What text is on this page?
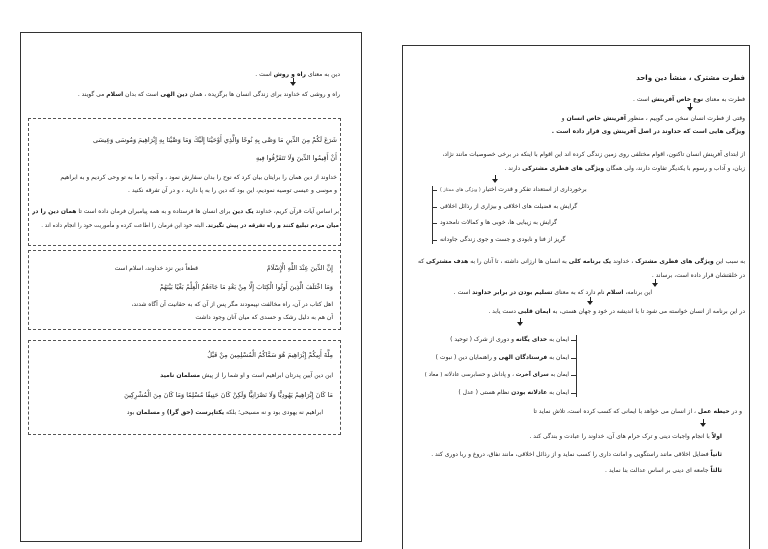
دین به معنای راه و روش است .
راه و روشی که خداوند برای زندگی انسان ها برگزیده ، همان دین الهی است که بدان اسلام می گویند .
شَرَعَ لَكُمْ مِنَ الدِّينِ مَا وَصَّى بِهِ نُوحًا وَالَّذِي أَوْحَيْنَا إِلَيْكَ وَمَا وَصَّيْنَا بِهِ إِبْرَاهِيمَ وَمُوسَى وَعِيسَى
أَنْ أَقِيمُوا الدِّينَ وَلَا تَتَفَرَّقُوا فِيهِ
خداوند از دین همان را برایتان بیان کرد که نوح را بدان سفارش نمود ، و آنچه را ما به تو وحی کردیم و به ابراهیم
و موسی و عیسی توصیه نمودیم، این بود که دین را به پا دارید ، و در آن تفرقه نکنید .
بر اساس آیات قرآن کریم، خداوند یک دین برای انسان ها فرستاده و به همه پیامبران فرمان داده است تا همان دین را در
میان مردم تبلیغ کنند و راه تفرقه در پیش نگیرند. البته خود این فرمان را اطاعت کرده و مأموریت خود را انجام داده اند .
إِنَّ الدِّينَ عِنْدَ اللَّهِ الْإِسْلَامُ
قطعاً دین نزد خداوند، اسلام است
وَمَا اخْتَلَفَ الَّذِينَ أُوتُوا الْكِتَابَ إِلَّا مِنْ بَعْدِ مَا جَاءَهُمُ الْعِلْمُ بَغْيًا بَيْنَهُمْ
اهل کتاب در آن، راه مخالفت نپیمودند مگر پس از آن که به حقانیت آن آگاه شدند،
آن هم به دلیل رشک و حسدی که میان آنان وجود داشت
مِلَّةَ أَبِيكُمْ إِبْرَاهِيمَ هُوَ سَمَّاكُمُ الْمُسْلِمِينَ مِنْ قَبْلُ
این دین آیین پدرتان ابراهیم است و او شما را از پیش مسلمان نامید
مَا كَانَ إِبْرَاهِيمُ يَهُودِيًّا وَلَا نَصْرَانِيًّا وَلَكِنْ كَانَ حَنِيفًا مُسْلِمًا وَمَا كَانَ مِنَ الْمُشْرِكِينَ
ابراهیم نه یهودی بود و نه مسیحی؛ بلکه یکتاپرست (حق گرا) و مسلمان بود
فطرت مشترک ، منشأ دین واحد
فطرت به معنای نوع خاص آفرینش است .
وقتی از فطرت انسان سخن می گوییم ، منظور آفرینش خاص انسان و
ویژگی هایی است که خداوند در اصل آفرینش وی قرار داده است .
از ابتدای آفرینش انسان تاکنون، اقوام مختلفی روی زمین زندگی کرده اند این اقوام با اینکه در برخی خصوصیات مانند نژاد،
زبان، و آداب و رسوم با یکدیگر تفاوت دارند، ولی همگان ویژگی های فطری مشترکی دارند .
برخورداری از استعداد تفکر و قدرت اختیار ( ویژگی های ممتاز )
گرایش به فضیلت های اخلاقی و بیزاری از رذائل اخلاقی
گرایش به زیبایی ها، خوبی ها و کمالات نامحدود
گریز از فنا و نابودی و جست و جوی زندگی جاودانه
به سبب این ویژگی های فطری مشترک ، خداوند یک برنامه کلی به انسان ها ارزانی داشته ، تا آنان را به هدف مشترکی که
در خلقتشان قرار داده است، برساند .
این برنامه، اسلام نام دارد که به معنای تسلیم بودن در برابر خداوند است .
در این برنامه از انسان خواسته می شود تا با اندیشه در خود و جهان هستی، به ایمان قلبی دست یابد .
ایمان به خدای یگانه و دوری از شرک ( توحید )
ایمان به فرستادگان الهی و راهنمایان دین ( نبوت )
ایمان به سرای آخرت ، و پاداش و حسابرسی عادلانه ( معاد )
ایمان به عادلانه بودن نظام هستی ( عدل )
و در حیطه عمل ، از انسان می خواهد با ایمانی که کسب کرده است، تلاش نماید تا
اولاً با انجام واجبات دینی و ترک حرام های آن، خداوند را عبادت و بندگی کند .
ثانیاً فضایل اخلاقی مانند راستگویی و امانت داری را کسب نماید و از رذائل اخلاقی، مانند نفاق، دروغ و ربا دوری کند .
ثالثاً جامعه ای دینی بر اساس عدالت بنا نماید .
